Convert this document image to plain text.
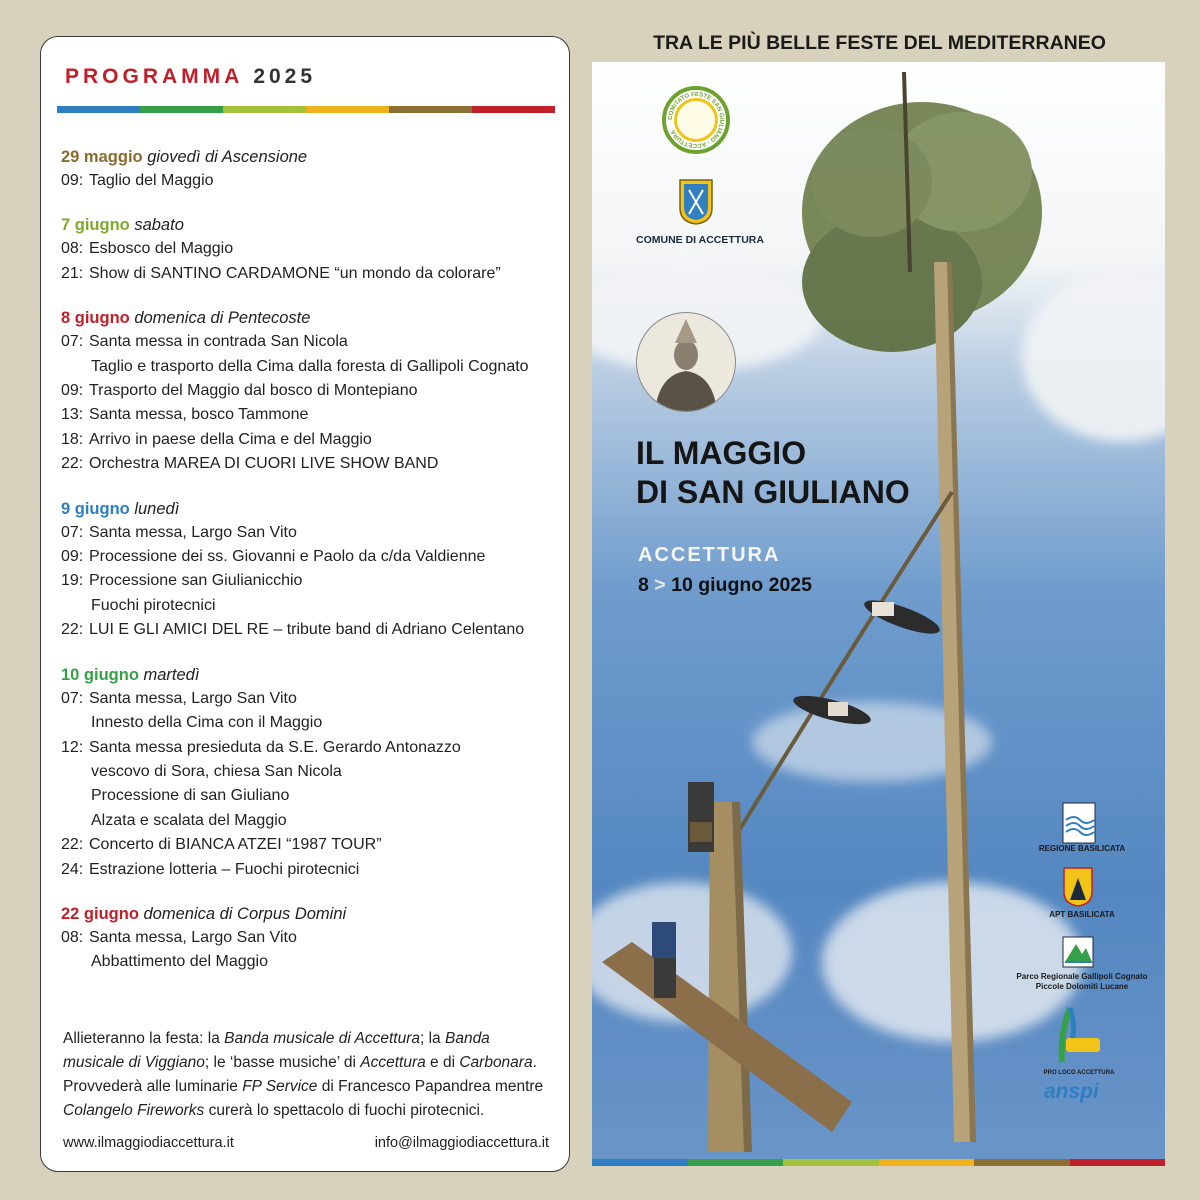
PROGRAMMA 2025
29 maggio giovedì di Ascensione
09: Taglio del Maggio
7 giugno sabato
08: Esbosco del Maggio
21: Show di SANTINO CARDAMONE “un mondo da colorare”
8 giugno domenica di Pentecoste
07: Santa messa in contrada San Nicola
Taglio e trasporto della Cima dalla foresta di Gallipoli Cognato
09: Trasporto del Maggio dal bosco di Montepiano
13: Santa messa, bosco Tammone
18: Arrivo in paese della Cima e del Maggio
22: Orchestra MAREA DI CUORI LIVE SHOW BAND
9 giugno lunedì
07: Santa messa, Largo San Vito
09: Processione dei ss. Giovanni e Paolo da c/da Valdienne
19: Processione san Giulianicchio
Fuochi pirotecnici
22: LUI E GLI AMICI DEL RE – tribute band di Adriano Celentano
10 giugno martedì
07: Santa messa, Largo San Vito
Innesto della Cima con il Maggio
12: Santa messa presieduta da S.E. Gerardo Antonazzo
vescovo di Sora, chiesa San Nicola
Processione di san Giuliano
Alzata e scalata del Maggio
22: Concerto di BIANCA ATZEI “1987 TOUR”
24: Estrazione lotteria – Fuochi pirotecnici
22 giugno domenica di Corpus Domini
08: Santa messa, Largo San Vito
Abbattimento del Maggio
Allieteranno la festa: la Banda musicale di Accettura; la Banda musicale di Viggiano; le ‘basse musiche’ di Accettura e di Carbonara. Provvederà alle luminarie FP Service di Francesco Papandrea mentre Colangelo Fireworks curerà lo spettacolo di fuochi pirotecnici.
www.ilmaggiodiaccettura.it	info@ilmaggiodiaccettura.it
TRA LE PIÙ BELLE FESTE DEL MEDITERRANEO
COMITATO FESTE SAN GIULIANO · ACCETTURA
COMUNE DI ACCETTURA
IL MAGGIO
DI SAN GIULIANO
ACCETTURA
8 > 10 giugno 2025
REGIONE BASILICATA
APT BASILICATA
Parco Regionale Gallipoli Cognato Piccole Dolomiti Lucane
PRO LOCO ACCETTURA
anspi
